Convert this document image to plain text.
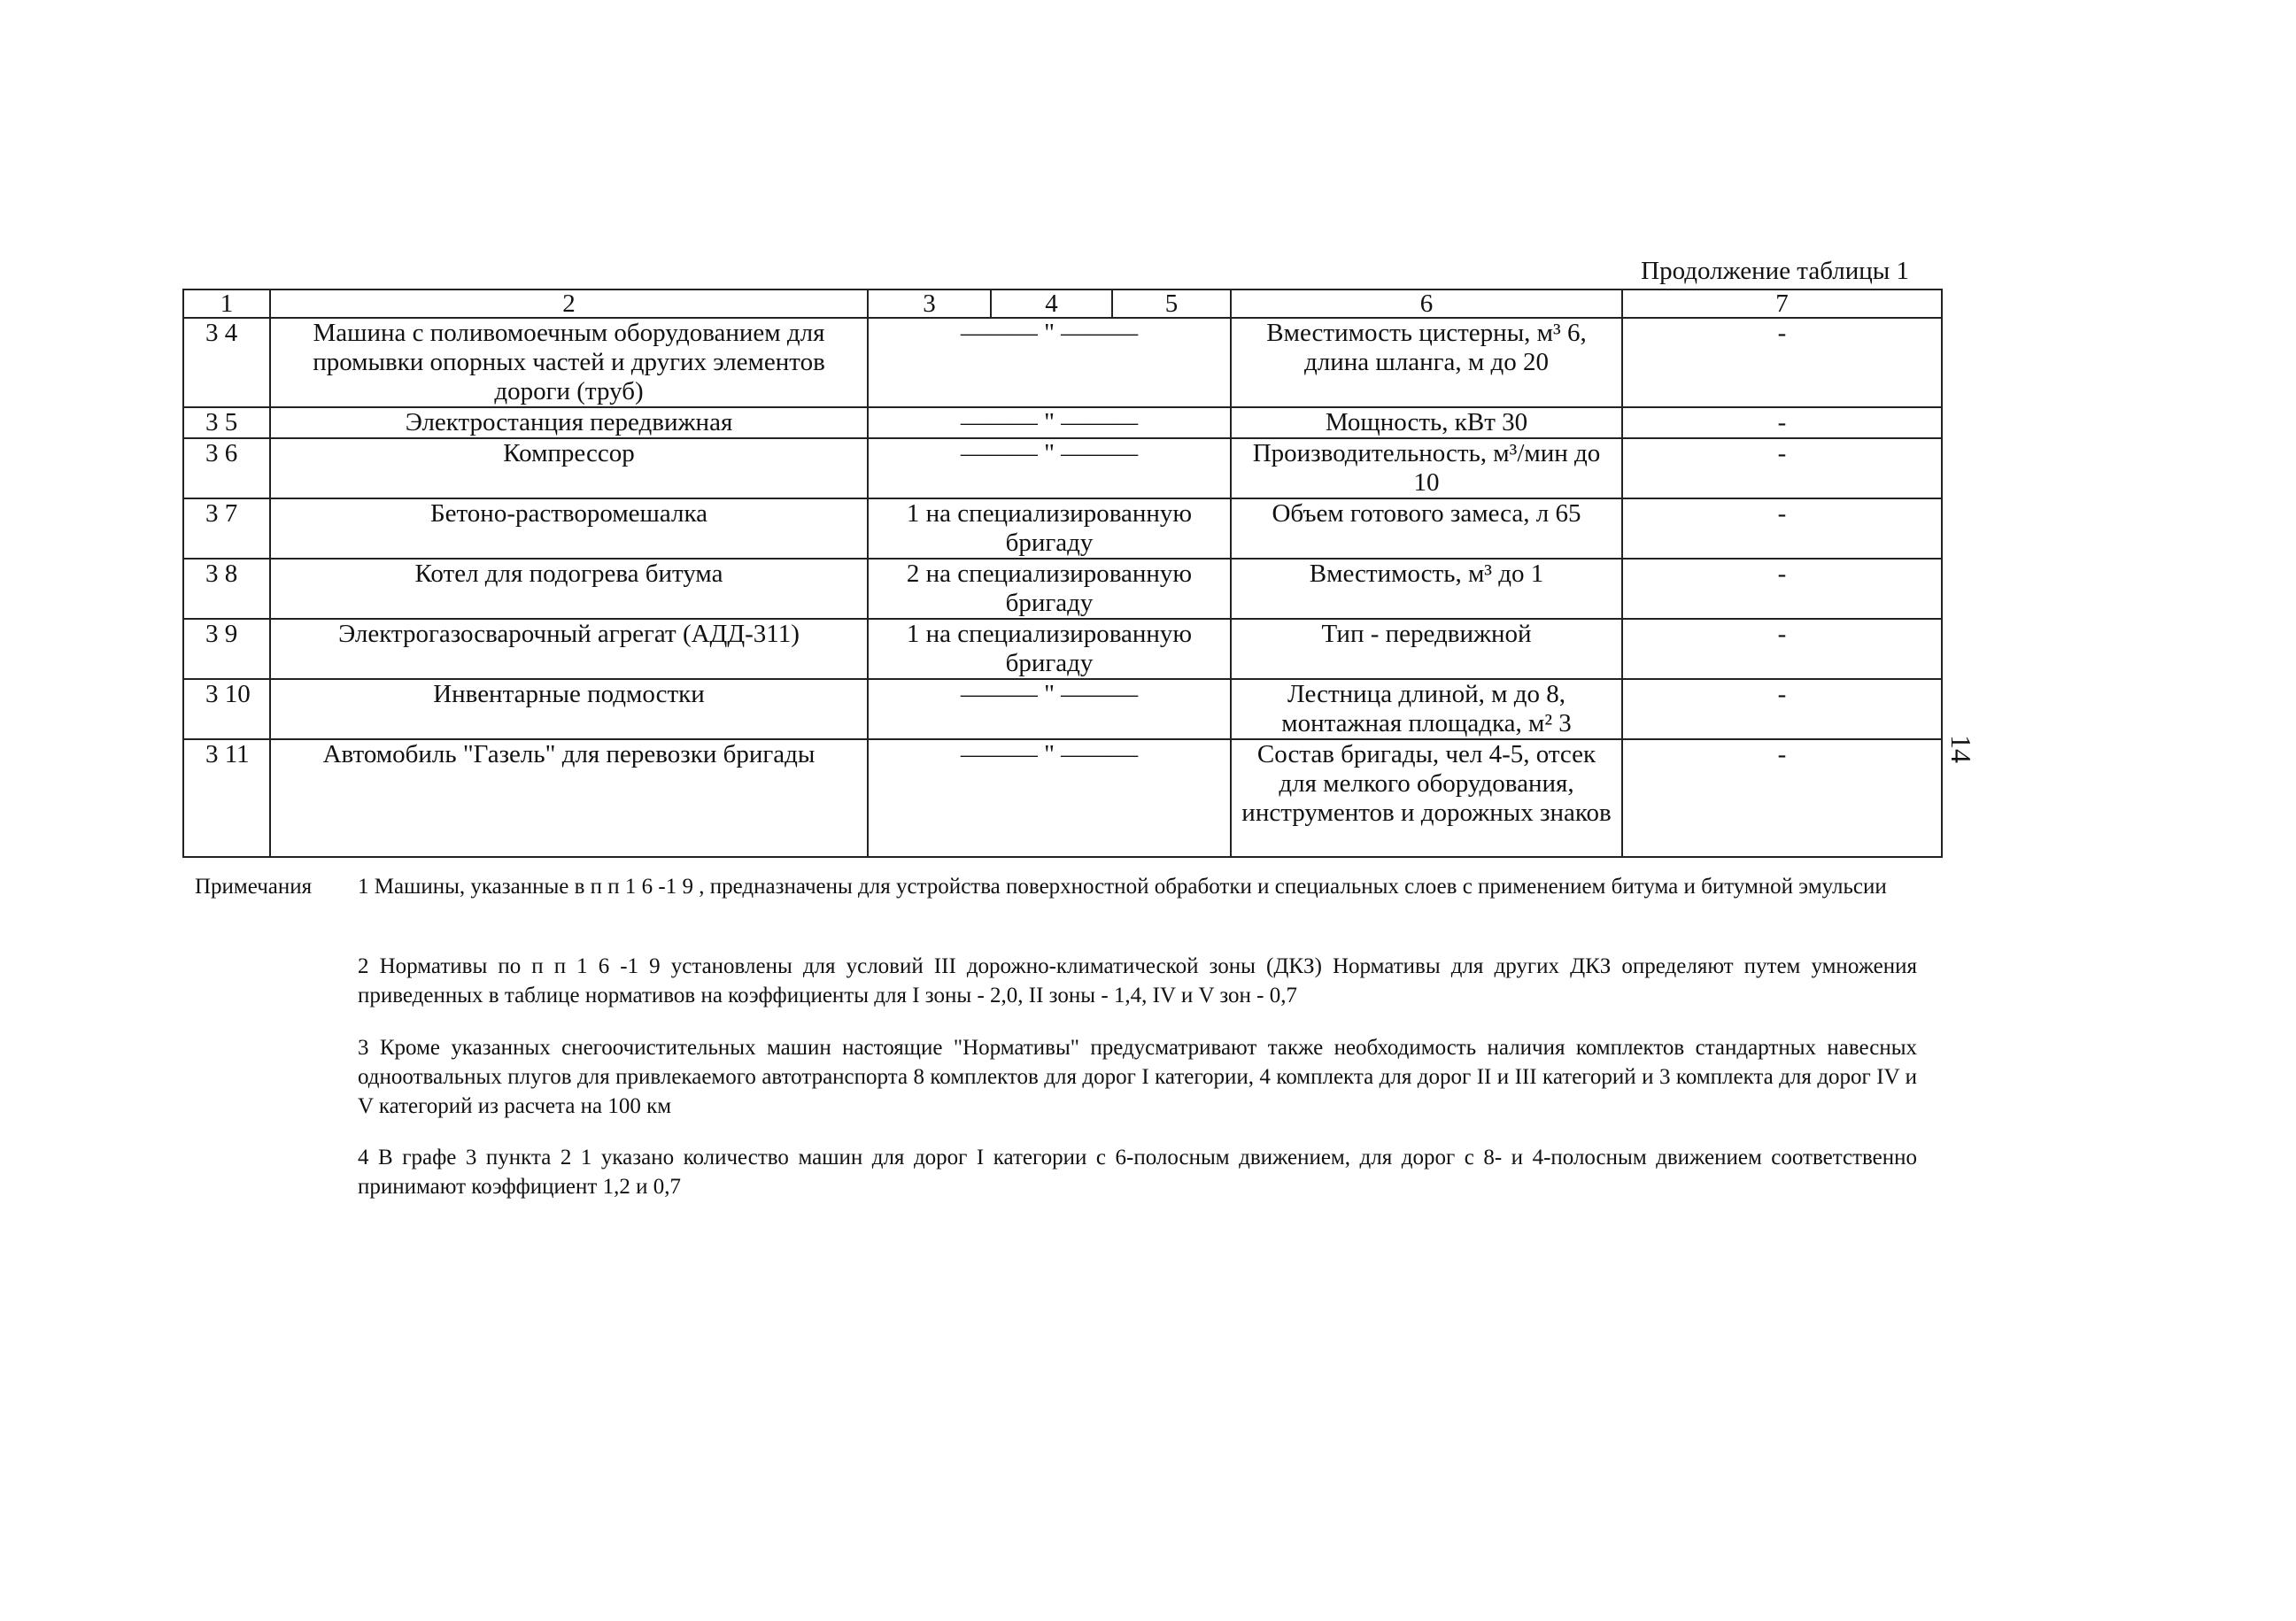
Продолжение таблицы 1
1	2	3	4	5	6	7
3 4	Машина с поливомоечным оборудованием для промывки опорных частей и других элементов дороги (труб)	——— " ———			Вместимость цистерны, м³ 6, длина шланга, м до 20	-
3 5	Электростанция передвижная	——— " ———			Мощность, кВт 30	-
3 6	Компрессор	——— " ———			Производительность, м³/мин до 10	-
3 7	Бетоно-растворомешалка	1 на специализированную бригаду			Объем готового замеса, л 65	-
3 8	Котел для подогрева битума	2 на специализированную бригаду			Вместимость, м³ до 1	-
3 9	Электрогазосварочный агрегат (АДД-311)	1 на специализированную бригаду			Тип - передвижной	-
3 10	Инвентарные подмостки	——— " ———			Лестница длиной, м до 8, монтажная площадка, м² 3	-
3 11	Автомобиль "Газель" для перевозки бригады	——— " ———			Состав бригады, чел 4-5, отсек для мелкого оборудования, инструментов и дорожных знаков	-	14
Примечания 1 Машины, указанные в п п 1 6 -1 9 , предназначены для устройства поверхностной обработки и специальных слоев с применением битума и битумной эмульсии
2 Нормативы по п п 1 6 -1 9 установлены для условий III дорожно-климатической зоны (ДКЗ) Нормативы для других ДКЗ определяют путем умножения приведенных в таблице нормативов на коэффициенты для I зоны - 2,0, II зоны - 1,4, IV и V зон - 0,7
3 Кроме указанных снегоочистительных машин настоящие "Нормативы" предусматривают также необходимость наличия комплектов стандартных навесных одноотвальных плугов для привлекаемого автотранспорта 8 комплектов для дорог I категории, 4 комплекта для дорог II и III категорий и 3 комплекта для дорог IV и V категорий из расчета на 100 км
4 В графе 3 пункта 2 1 указано количество машин для дорог I категории с 6-полосным движением, для дорог с 8- и 4-полосным движением соответственно принимают коэффициент 1,2 и 0,7
